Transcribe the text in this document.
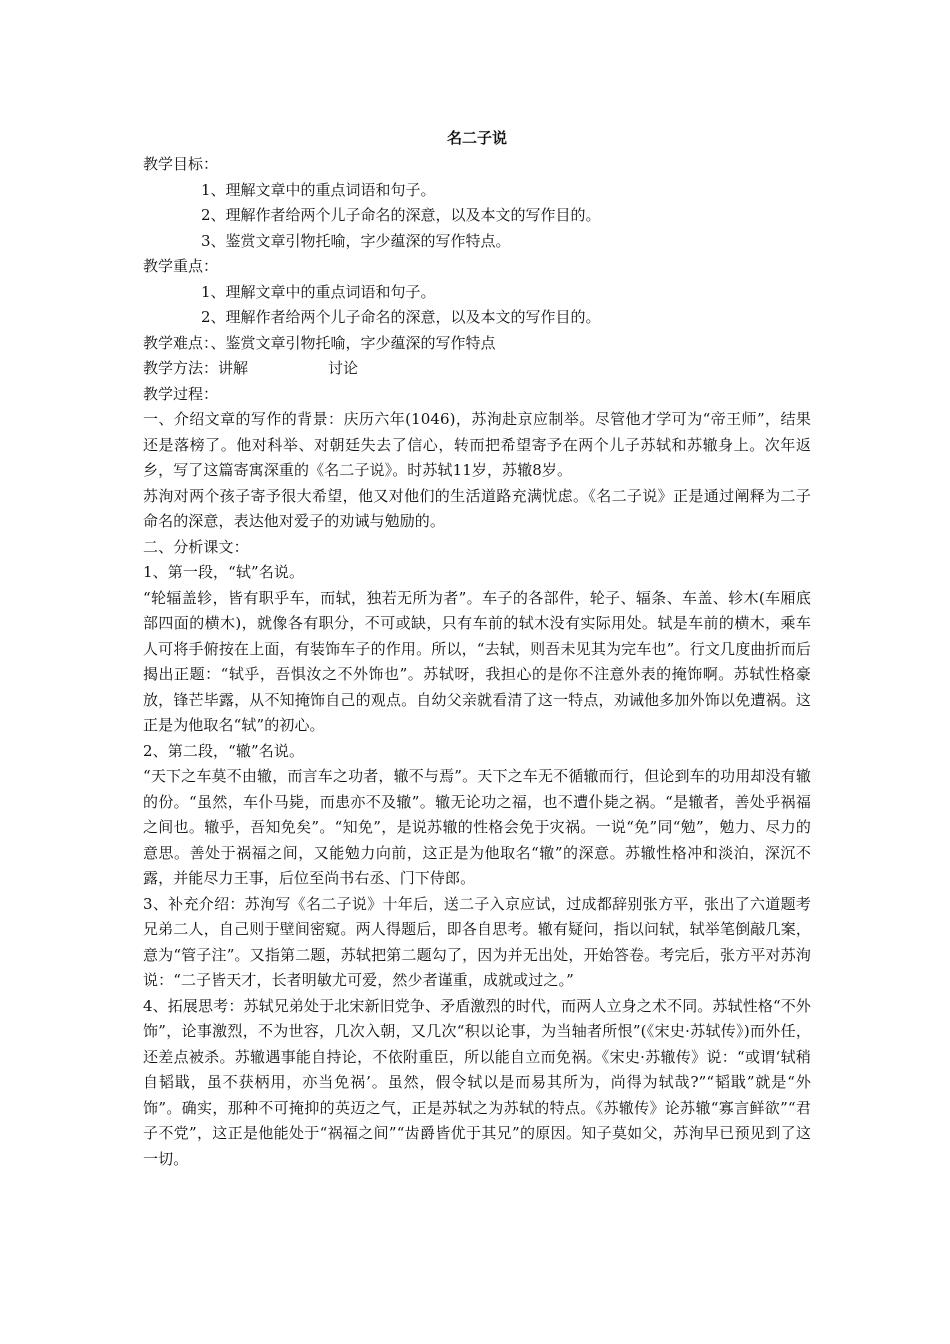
名二子说
教学目标：
1、理解文章中的重点词语和句子。
2、理解作者给两个儿子命名的深意，以及本文的写作目的。
3、鉴赏文章引物托喻，字少蕴深的写作特点。
教学重点：
1、理解文章中的重点词语和句子。
2、理解作者给两个儿子命名的深意，以及本文的写作目的。
教学难点：、鉴赏文章引物托喻，字少蕴深的写作特点
教学方法：讲解	讨论
教学过程：
一、介绍文章的写作的背景：庆历六年(1046)，苏洵赴京应制举。尽管他才学可为“帝王师”，结果还是落榜了。他对科举、对朝廷失去了信心，转而把希望寄予在两个儿子苏轼和苏辙身上。次年返乡，写了这篇寄寓深重的《名二子说》。时苏轼11岁，苏辙8岁。
苏洵对两个孩子寄予很大希望，他又对他们的生活道路充满忧虑。《名二子说》正是通过阐释为二子命名的深意，表达他对爱子的劝诫与勉励的。
二、分析课文：
1、第一段，“轼”名说。
“轮辐盖轸，皆有职乎车，而轼，独若无所为者”。车子的各部件，轮子、辐条、车盖、轸木(车厢底部四面的横木)，就像各有职分，不可或缺，只有车前的轼木没有实际用处。轼是车前的横木，乘车人可将手俯按在上面，有装饰车子的作用。所以，“去轼，则吾未见其为完车也”。行文几度曲折而后揭出正题：“轼乎，吾惧汝之不外饰也”。苏轼呀，我担心的是你不注意外表的掩饰啊。苏轼性格豪放，锋芒毕露，从不知掩饰自己的观点。自幼父亲就看清了这一特点，劝诫他多加外饰以免遭祸。这正是为他取名“轼”的初心。
2、第二段，“辙”名说。
“天下之车莫不由辙，而言车之功者，辙不与焉”。天下之车无不循辙而行，但论到车的功用却没有辙的份。“虽然，车仆马毙，而患亦不及辙”。辙无论功之福，也不遭仆毙之祸。“是辙者，善处乎祸福之间也。辙乎，吾知免矣”。“知免”，是说苏辙的性格会免于灾祸。一说“免”同“勉”，勉力、尽力的意思。善处于祸福之间，又能勉力向前，这正是为他取名“辙”的深意。苏辙性格冲和淡泊，深沉不露，并能尽力王事，后位至尚书右丞、门下侍郎。
3、补充介绍：苏洵写《名二子说》十年后，送二子入京应试，过成都辞别张方平，张出了六道题考兄弟二人，自己则于壁间密窥。两人得题后，即各自思考。辙有疑问，指以问轼，轼举笔倒敲几案，意为“管子注”。又指第二题，苏轼把第二题勾了，因为并无出处，开始答卷。考完后，张方平对苏洵说：“二子皆天才，长者明敏尤可爱，然少者谨重，成就或过之。”
4、拓展思考：苏轼兄弟处于北宋新旧党争、矛盾激烈的时代，而两人立身之术不同。苏轼性格“不外饰”，论事激烈，不为世容，几次入朝，又几次“积以论事，为当轴者所恨”(《宋史·苏轼传》)而外任，还差点被杀。苏辙遇事能自持论，不依附重臣，所以能自立而免祸。《宋史·苏辙传》说：“或谓‘轼稍自韬戢，虽不获柄用，亦当免祸’。虽然，假令轼以是而易其所为，尚得为轼哉?”“韬戢”就是“外饰”。确实，那种不可掩抑的英迈之气，正是苏轼之为苏轼的特点。《苏辙传》论苏辙“寡言鲜欲”“君子不党”，这正是他能处于“祸福之间”“齿爵皆优于其兄”的原因。知子莫如父，苏洵早已预见到了这一切。
